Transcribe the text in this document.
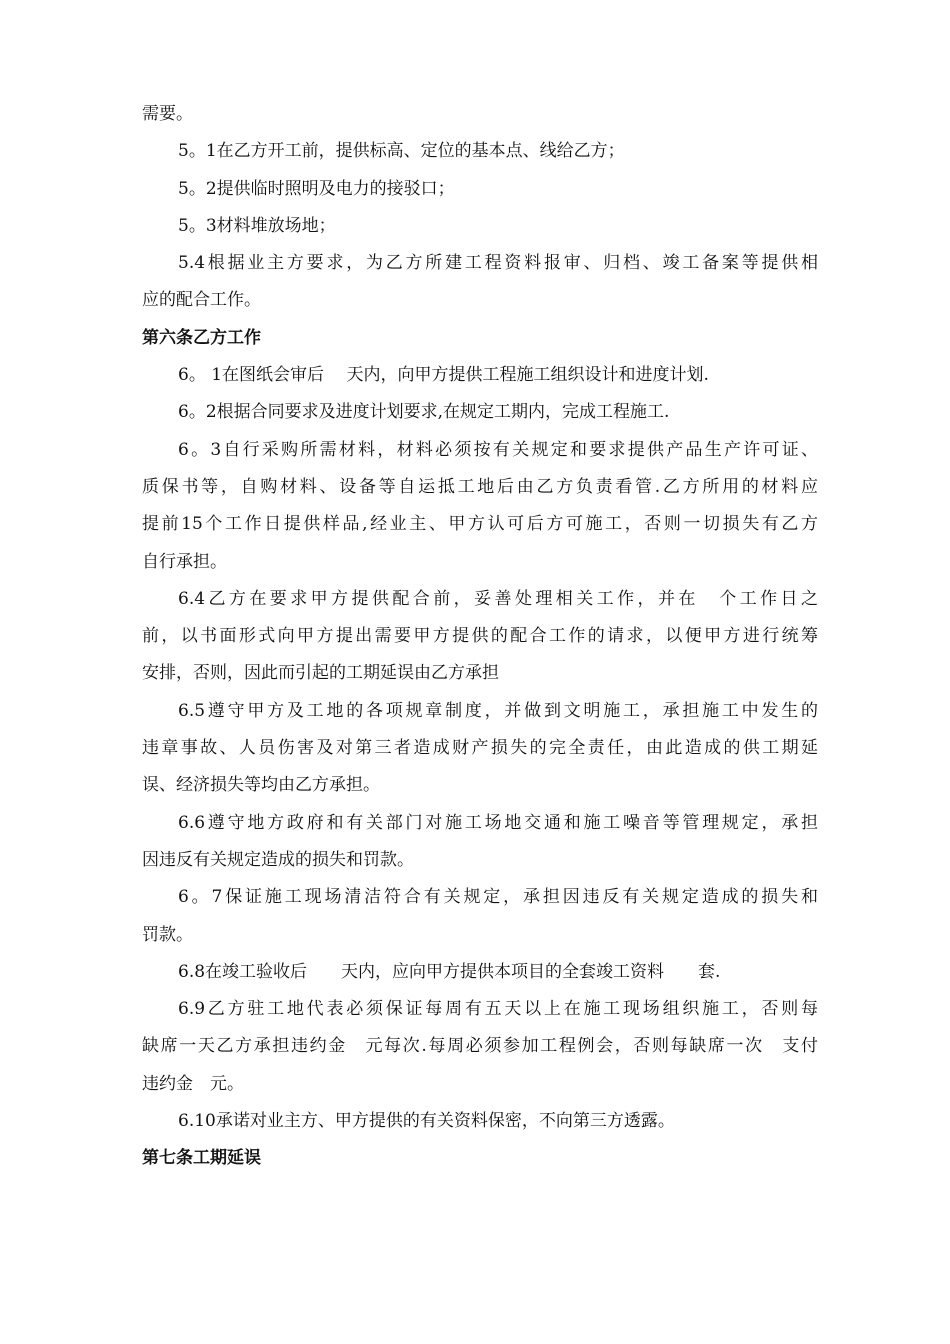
需要。
5。1在乙方开工前，提供标高、定位的基本点、线给乙方；
5。2提供临时照明及电力的接驳口；
5。3材料堆放场地；
5.4根据业主方要求，为乙方所建工程资料报审、归档、竣工备案等提供相
应的配合工作。
第六条乙方工作
6。 1在图纸会审后　 天内，向甲方提供工程施工组织设计和进度计划.
6。2根据合同要求及进度计划要求,在规定工期内，完成工程施工.
6。3自行采购所需材料，材料必须按有关规定和要求提供产品生产许可证、
质保书等，自购材料、设备等自运抵工地后由乙方负责看管.乙方所用的材料应
提前15个工作日提供样品,经业主、甲方认可后方可施工，否则一切损失有乙方
自行承担。
6.4乙方在要求甲方提供配合前，妥善处理相关工作，并在　个工作日之
前，以书面形式向甲方提出需要甲方提供的配合工作的请求，以便甲方进行统筹
安排，否则，因此而引起的工期延误由乙方承担
6.5遵守甲方及工地的各项规章制度，并做到文明施工，承担施工中发生的
违章事故、人员伤害及对第三者造成财产损失的完全责任，由此造成的供工期延
误、经济损失等均由乙方承担。
6.6遵守地方政府和有关部门对施工场地交通和施工噪音等管理规定，承担
因违反有关规定造成的损失和罚款。
6。7保证施工现场清洁符合有关规定，承担因违反有关规定造成的损失和
罚款。
6.8在竣工验收后　　天内，应向甲方提供本项目的全套竣工资料　　套.
6.9乙方驻工地代表必须保证每周有五天以上在施工现场组织施工，否则每
缺席一天乙方承担违约金　元每次.每周必须参加工程例会，否则每缺席一次　支付
违约金　元。
6.10承诺对业主方、甲方提供的有关资料保密，不向第三方透露。
第七条工期延误
